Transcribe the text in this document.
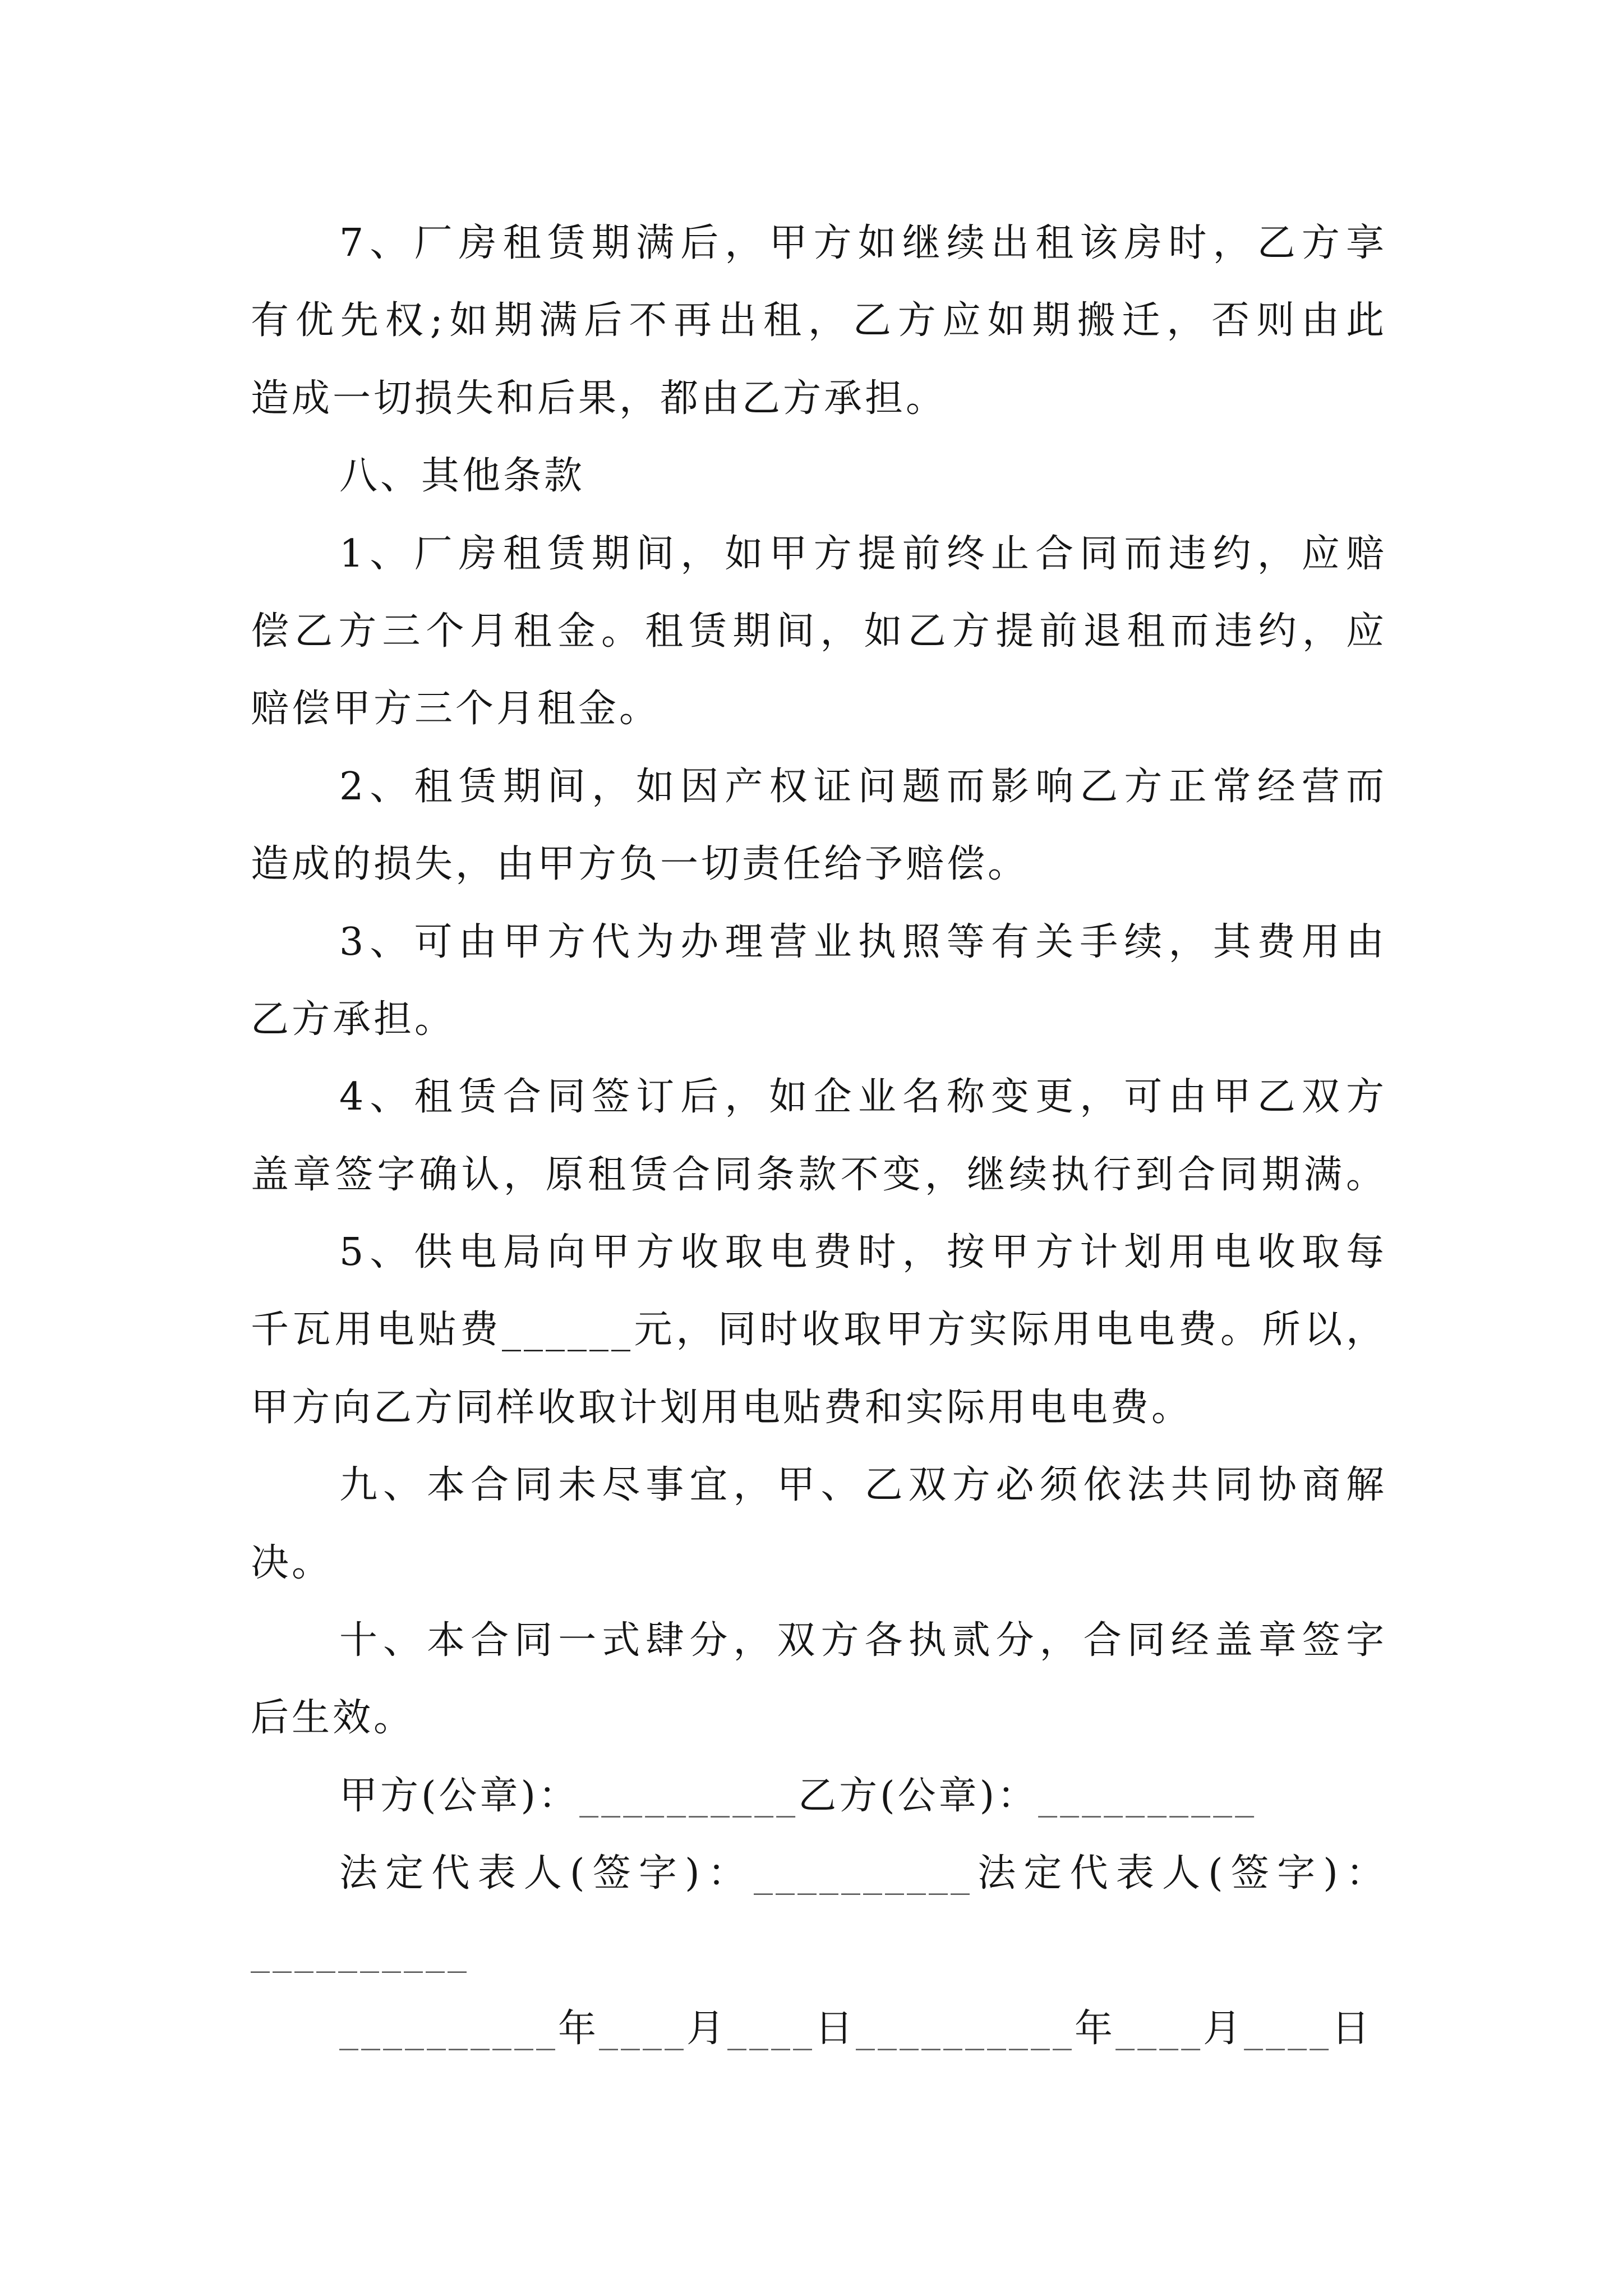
7、厂房租赁期满后，甲方如继续出租该房时，乙方享
有优先权;如期满后不再出租，乙方应如期搬迁，否则由此
造成一切损失和后果，都由乙方承担。
八、其他条款
1、厂房租赁期间，如甲方提前终止合同而违约，应赔
偿乙方三个月租金。租赁期间，如乙方提前退租而违约，应
赔偿甲方三个月租金。
2、租赁期间，如因产权证问题而影响乙方正常经营而
造成的损失，由甲方负一切责任给予赔偿。
3、可由甲方代为办理营业执照等有关手续，其费用由
乙方承担。
4、租赁合同签订后，如企业名称变更，可由甲乙双方
盖章签字确认，原租赁合同条款不变，继续执行到合同期满。
5、供电局向甲方收取电费时，按甲方计划用电收取每
千瓦用电贴费______元，同时收取甲方实际用电电费。所以，
甲方向乙方同样收取计划用电贴费和实际用电电费。
九、本合同未尽事宜，甲、乙双方必须依法共同协商解
决。
十、本合同一式肆分，双方各执贰分，合同经盖章签字
后生效。
甲方(公章)：__________乙方(公章)：__________
法定代表人(签字)：__________法定代表人(签字)：
__________
__________年____月____日__________年____月____日
